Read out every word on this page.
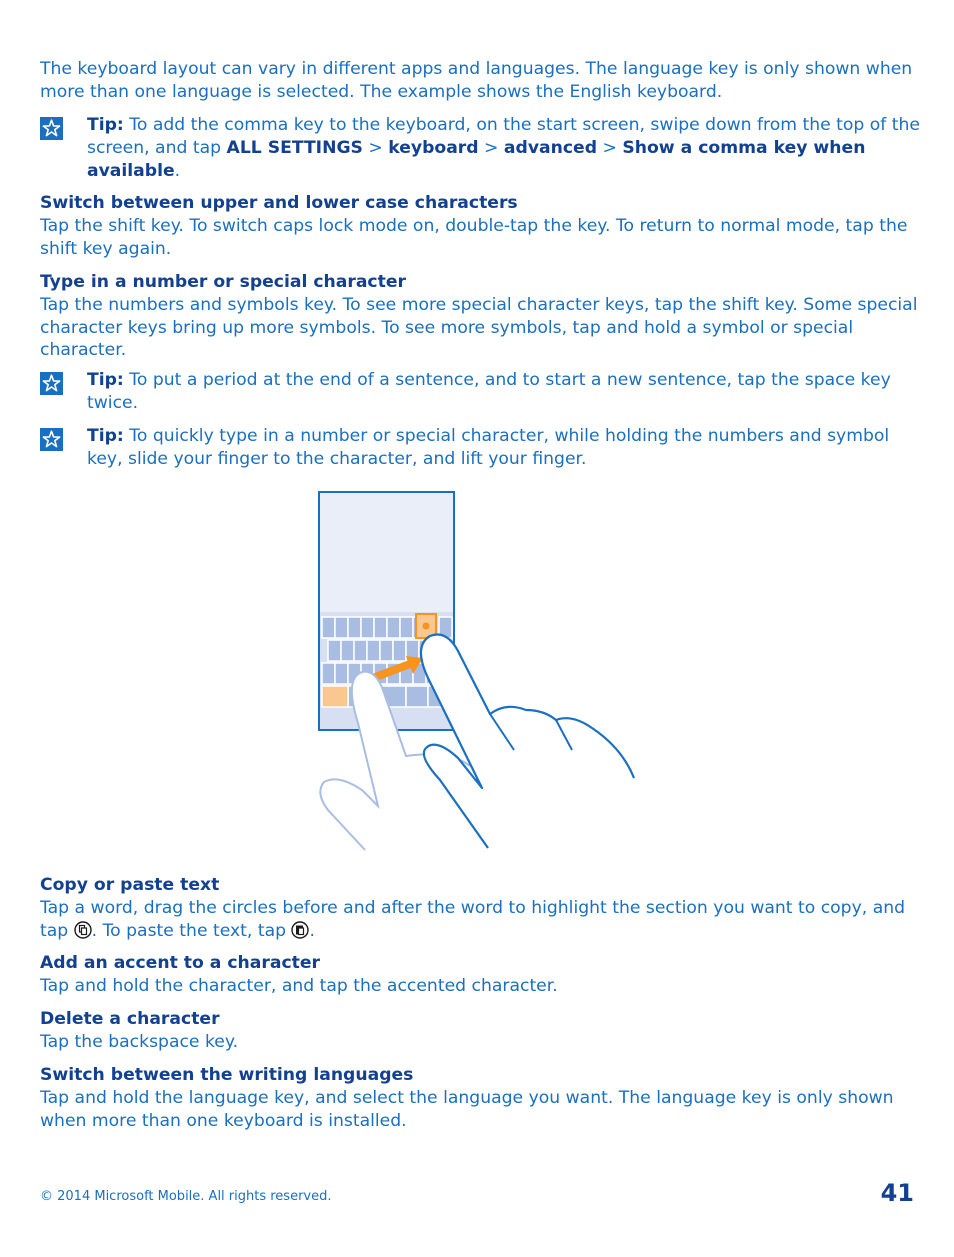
The keyboard layout can vary in different apps and languages. The language key is only shown when more than one language is selected. The example shows the English keyboard.

Tip: To add the comma key to the keyboard, on the start screen, swipe down from the top of the screen, and tap ALL SETTINGS > keyboard > advanced > Show a comma key when available.

Switch between upper and lower case characters

Tap the shift key. To switch caps lock mode on, double-tap the key. To return to normal mode, tap the shift key again.

Type in a number or special character

Tap the numbers and symbols key. To see more special character keys, tap the shift key. Some special character keys bring up more symbols. To see more symbols, tap and hold a symbol or special character.

Tip: To put a period at the end of a sentence, and to start a new sentence, tap the space key twice.
Tip: To quickly type in a number or special character, while holding the numbers and symbol key, slide your finger to the character, and lift your finger.

Copy or paste text

Tap a word, drag the circles before and after the word to highlight the section you want to copy, and tap . To paste the text, tap .

Add an accent to a character

Tap and hold the character, and tap the accented character.

Delete a character

Tap the backspace key.

Switch between the writing languages

Tap and hold the language key, and select the language you want. The language key is only shown when more than one keyboard is installed.

© 2014 Microsoft Mobile. All rights reserved.	41
